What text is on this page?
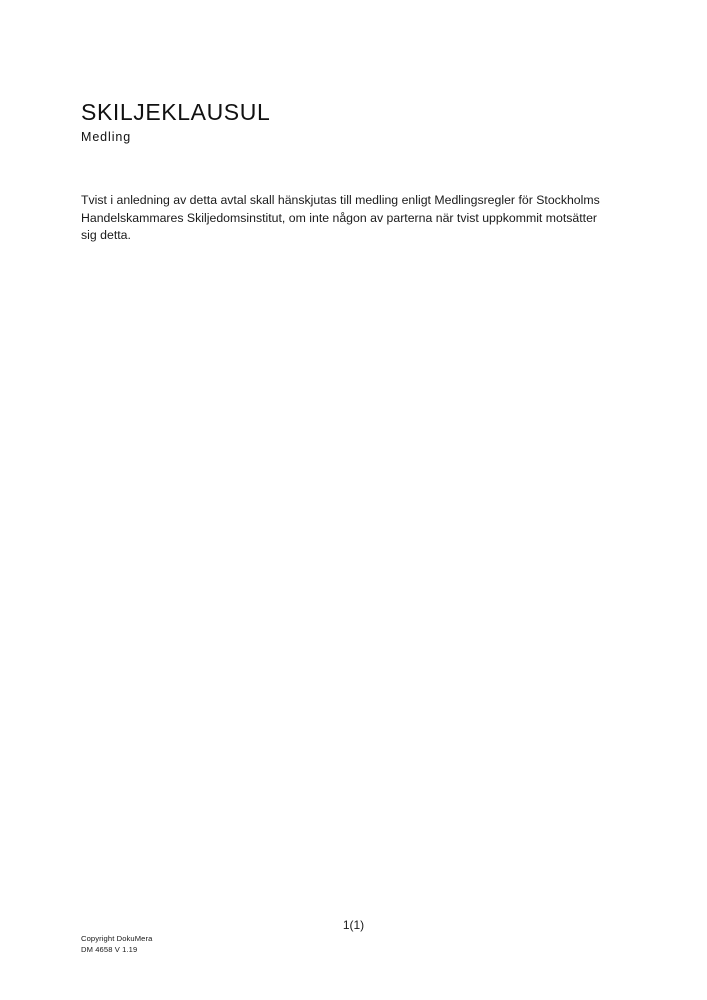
SKILJEKLAUSUL
Medling

Tvist i anledning av detta avtal skall hänskjutas till medling enligt Medlingsregler för Stockholms Handelskammares Skiljedomsinstitut, om inte någon av parterna när tvist uppkommit motsätter sig detta.

1(1)
Copyright DokuMera
DM 4658 V 1.19
